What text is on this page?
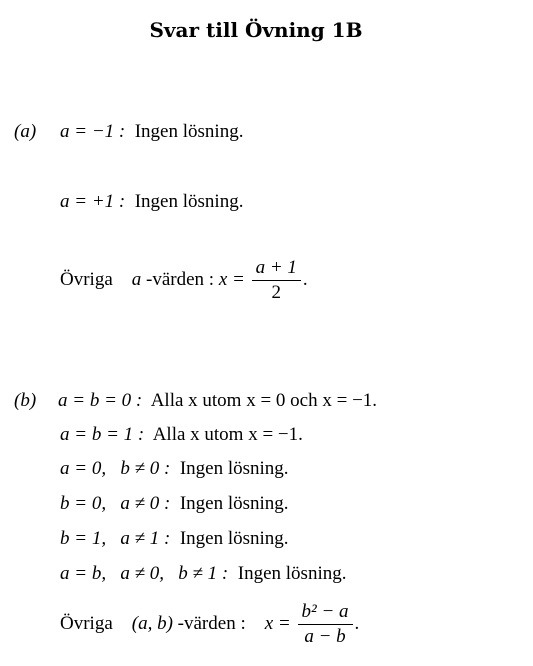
Svar till Övning 1B
(a) a = −1 : Ingen lösning.
a = +1 : Ingen lösning.
Övriga a -värden : $x = \frac{a + 1}{2}$ .
(b) a = b = 0 : Alla x utom x = 0 och x = −1.
a = b = 1 : Alla x utom x = −1.
a = 0,   b ≠ 0 : Ingen lösning.
b = 0,   a ≠ 0 : Ingen lösning.
b = 1,   a ≠ 1 : Ingen lösning.
a = b,   a ≠ 0,   b ≠ 1 : Ingen lösning.
Övriga (a, b) -värden : $x = \frac{\text{b² − a}}{a - b}$ .
